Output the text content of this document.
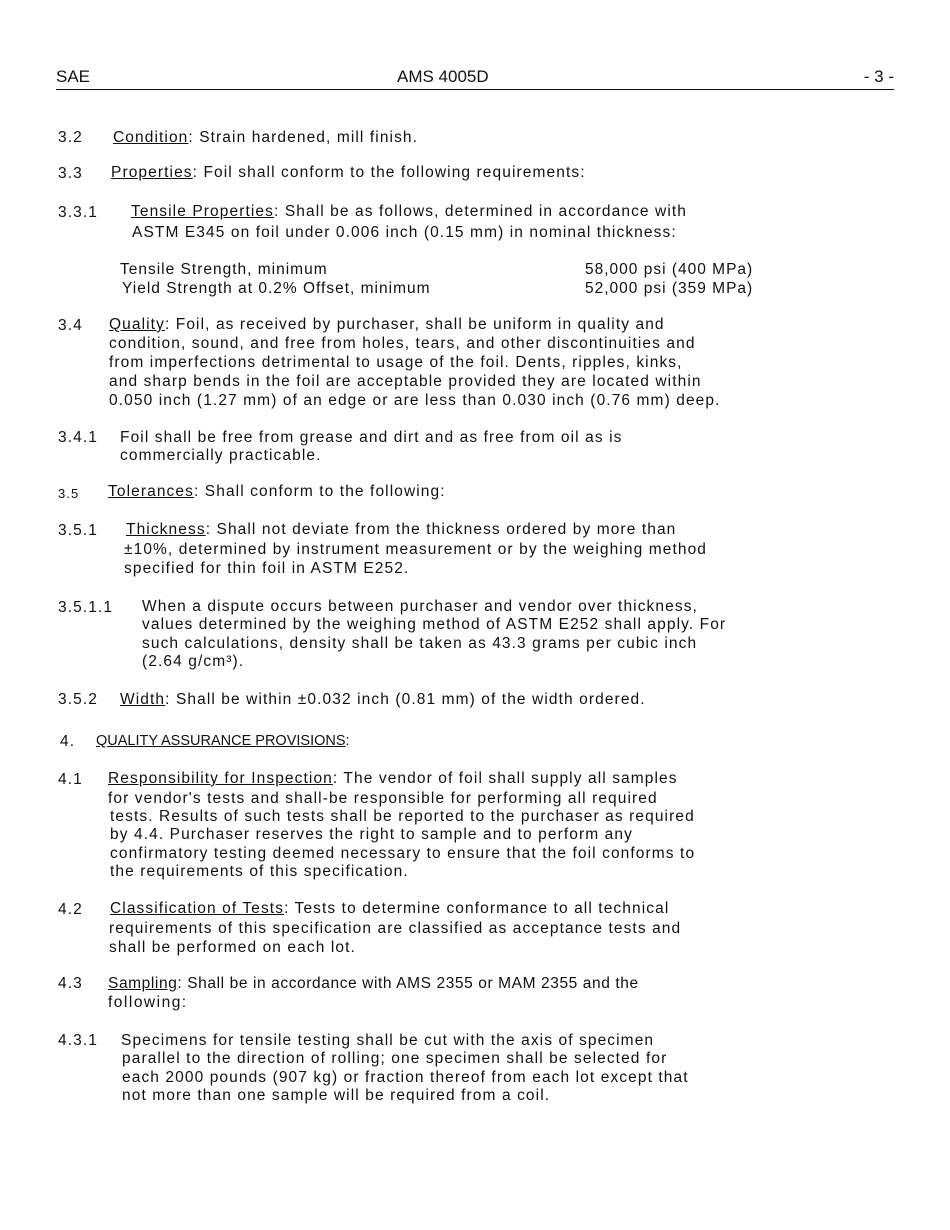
SAE	AMS 4005D	- 3 -
3.2 Condition: Strain hardened, mill finish.
3.3 Properties: Foil shall conform to the following requirements:
3.3.1 Tensile Properties: Shall be as follows, determined in accordance with
ASTM E345 on foil under 0.006 inch (0.15 mm) in nominal thickness:
Tensile Strength, minimum	58,000 psi (400 MPa)
Yield Strength at 0.2% Offset, minimum	52,000 psi (359 MPa)
3.4 Quality: Foil, as received by purchaser, shall be uniform in quality and
condition, sound, and free from holes, tears, and other discontinuities and
from imperfections detrimental to usage of the foil. Dents, ripples, kinks,
and sharp bends in the foil are acceptable provided they are located within
0.050 inch (1.27 mm) of an edge or are less than 0.030 inch (0.76 mm) deep.
3.4.1 Foil shall be free from grease and dirt and as free from oil as is
commercially practicable.
3.5 Tolerances: Shall conform to the following:
3.5.1 Thickness: Shall not deviate from the thickness ordered by more than
±10%, determined by instrument measurement or by the weighing method
specified for thin foil in ASTM E252.
3.5.1.1 When a dispute occurs between purchaser and vendor over thickness,
values determined by the weighing method of ASTM E252 shall apply. For
such calculations, density shall be taken as 43.3 grams per cubic inch
(2.64 g/cm³).
3.5.2 Width: Shall be within ±0.032 inch (0.81 mm) of the width ordered.
4. QUALITY ASSURANCE PROVISIONS:
4.1 Responsibility for Inspection: The vendor of foil shall supply all samples
for vendor's tests and shall-be responsible for performing all required
tests. Results of such tests shall be reported to the purchaser as required
by 4.4. Purchaser reserves the right to sample and to perform any
confirmatory testing deemed necessary to ensure that the foil conforms to
the requirements of this specification.
4.2 Classification of Tests: Tests to determine conformance to all technical
requirements of this specification are classified as acceptance tests and
shall be performed on each lot.
4.3 Sampling: Shall be in accordance with AMS 2355 or MAM 2355 and the
following:
4.3.1 Specimens for tensile testing shall be cut with the axis of specimen
parallel to the direction of rolling; one specimen shall be selected for
each 2000 pounds (907 kg) or fraction thereof from each lot except that
not more than one sample will be required from a coil.
